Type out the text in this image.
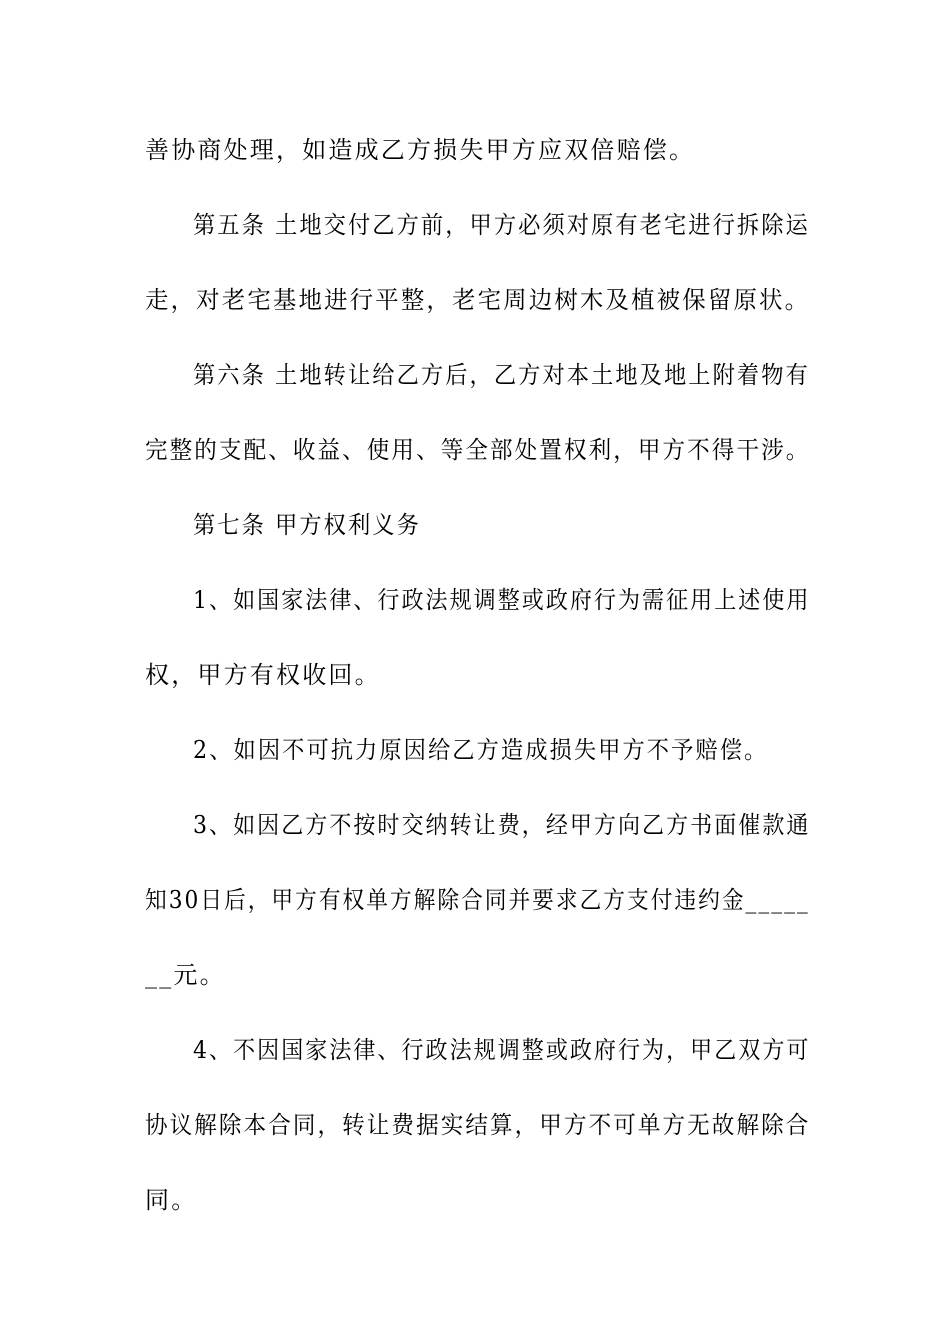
善协商处理，如造成乙方损失甲方应双倍赔偿。
第五条 土地交付乙方前，甲方必须对原有老宅进行拆除运
走，对老宅基地进行平整，老宅周边树木及植被保留原状。
第六条 土地转让给乙方后，乙方对本土地及地上附着物有
完整的支配、收益、使用、等全部处置权利，甲方不得干涉。
第七条 甲方权利义务
1、如国家法律、行政法规调整或政府行为需征用上述使用
权，甲方有权收回。
2、如因不可抗力原因给乙方造成损失甲方不予赔偿。
3、如因乙方不按时交纳转让费，经甲方向乙方书面催款通
知30日后，甲方有权单方解除合同并要求乙方支付违约金_____
__元。
4、不因国家法律、行政法规调整或政府行为，甲乙双方可
协议解除本合同，转让费据实结算，甲方不可单方无故解除合
同。
